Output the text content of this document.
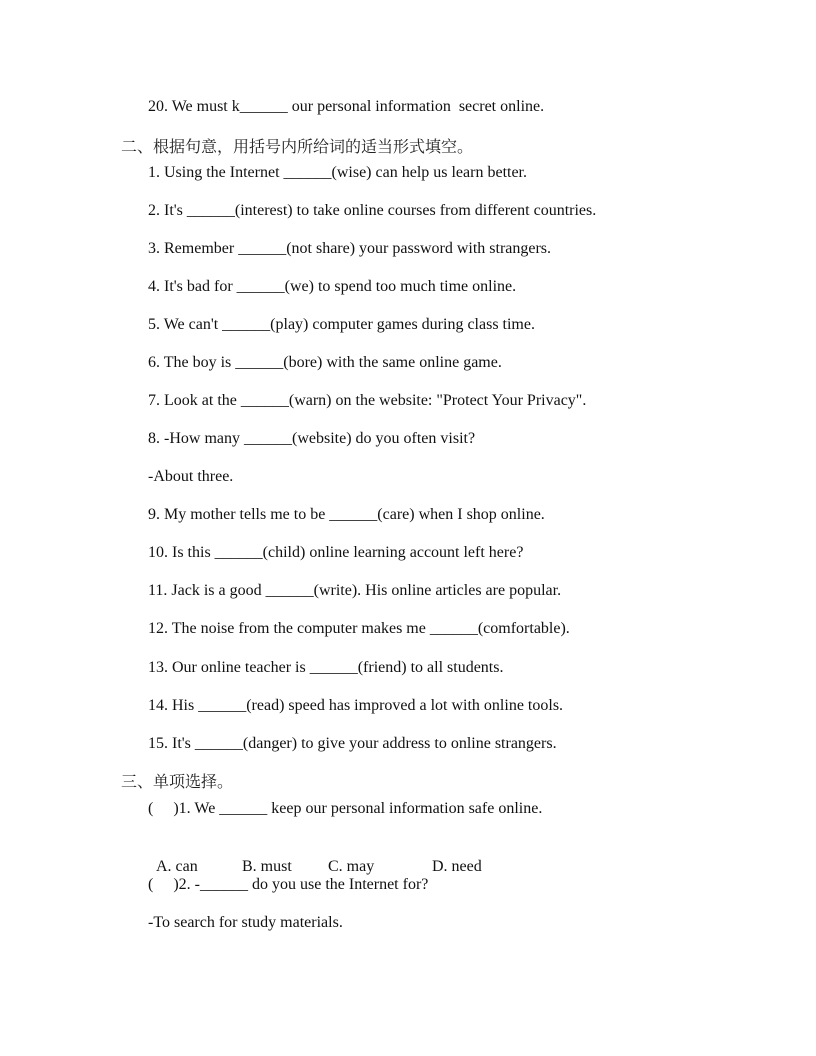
20. We must k______ our personal information  secret online.
二、根据句意，用括号内所给词的适当形式填空。
1. Using the Internet ______(wise) can help us learn better.
2. It's ______(interest) to take online courses from different countries.
3. Remember ______(not share) your password with strangers.
4. It's bad for ______(we) to spend too much time online.
5. We can't ______(play) computer games during class time.
6. The boy is ______(bore) with the same online game.
7. Look at the ______(warn) on the website: "Protect Your Privacy".
8. -How many ______(website) do you often visit?
-About three.
9. My mother tells me to be ______(care) when I shop online.
10. Is this ______(child) online learning account left here?
11. Jack is a good ______(write). His online articles are popular.
12. The noise from the computer makes me ______(comfortable).
13. Our online teacher is ______(friend) to all students.
14. His ______(read) speed has improved a lot with online tools.
15. It's ______(danger) to give your address to online strangers.
三、单项选择。
(     )1. We ______ keep our personal information safe online.

A. can	B. must C. may	D. need

(     )2. -______ do you use the Internet for?
-To search for study materials.
